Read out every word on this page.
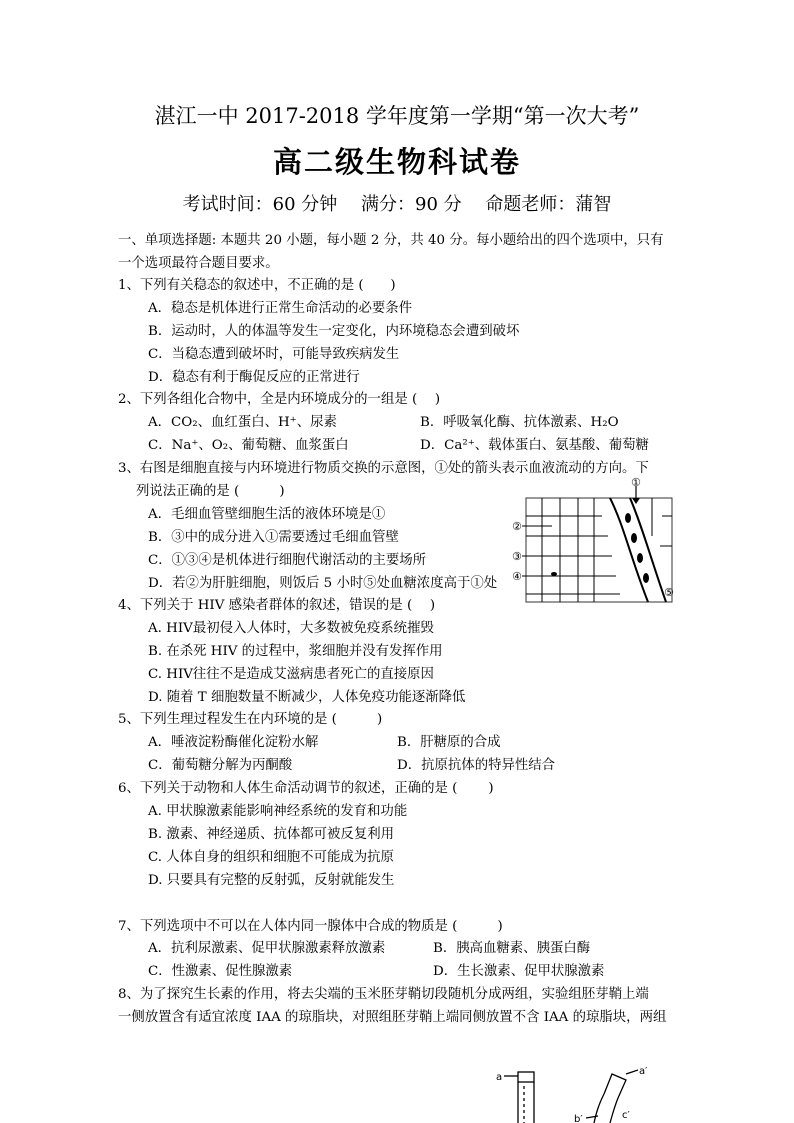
湛江一中 2017-2018 学年度第一学期“第一次大考”
高二级生物科试卷
考试时间：60 分钟　 满分：90 分　 命题老师：蒲智
一、单项选择题: 本题共 20 小题，每小题 2 分，共 40 分。每小题给出的四个选项中，只有
一个选项最符合题目要求。
1、下列有关稳态的叙述中，不正确的是 (　　)
A．稳态是机体进行正常生命活动的必要条件
B．运动时，人的体温等发生一定变化，内环境稳态会遭到破坏
C．当稳态遭到破坏时，可能导致疾病发生
D．稳态有利于酶促反应的正常进行
2、下列各组化合物中，全是内环境成分的一组是 (　 )
A．CO₂、血红蛋白、H⁺、尿素	B．呼吸氧化酶、抗体激素、H₂O
C．Na⁺、O₂、葡萄糖、血浆蛋白	D．Ca²⁺、载体蛋白、氨基酸、葡萄糖
3、右图是细胞直接与内环境进行物质交换的示意图，①处的箭头表示血液流动的方向。下
列说法正确的是 (　　　)
A．毛细血管壁细胞生活的液体环境是①
B．③中的成分进入①需要透过毛细血管壁
C．①③④是机体进行细胞代谢活动的主要场所
D．若②为肝脏细胞，则饭后 5 小时⑤处血糖浓度高于①处
①
②
③
④
⑤
4、下列关于 HIV 感染者群体的叙述，错误的是 (　 )
A. HIV最初侵入人体时，大多数被免疫系统摧毁
B. 在杀死 HIV 的过程中，浆细胞并没有发挥作用
C. HIV往往不是造成艾滋病患者死亡的直接原因
D. 随着 T 细胞数量不断减少，人体免疫功能逐渐降低
5、下列生理过程发生在内环境的是 (　　　)
A．唾液淀粉酶催化淀粉水解	B．肝糖原的合成
C．葡萄糖分解为丙酮酸	D．抗原抗体的特异性结合
6、下列关于动物和人体生命活动调节的叙述，正确的是 (　　 )
A. 甲状腺激素能影响神经系统的发育和功能
B. 激素、神经递质、抗体都可被反复利用
C. 人体自身的组织和细胞不可能成为抗原
D. 只要具有完整的反射弧，反射就能发生
7、下列选项中不可以在人体内同一腺体中合成的物质是 (　　　)
A．抗利尿激素、促甲状腺激素释放激素	B．胰高血糖素、胰蛋白酶
C．性激素、促性腺激素	D．生长激素、促甲状腺激素
8、为了探究生长素的作用，将去尖端的玉米胚芽鞘切段随机分成两组，实验组胚芽鞘上端
一侧放置含有适宜浓度 IAA 的琼脂块，对照组胚芽鞘上端同侧放置不含 IAA 的琼脂块，两组
a
a′
b′	c′
